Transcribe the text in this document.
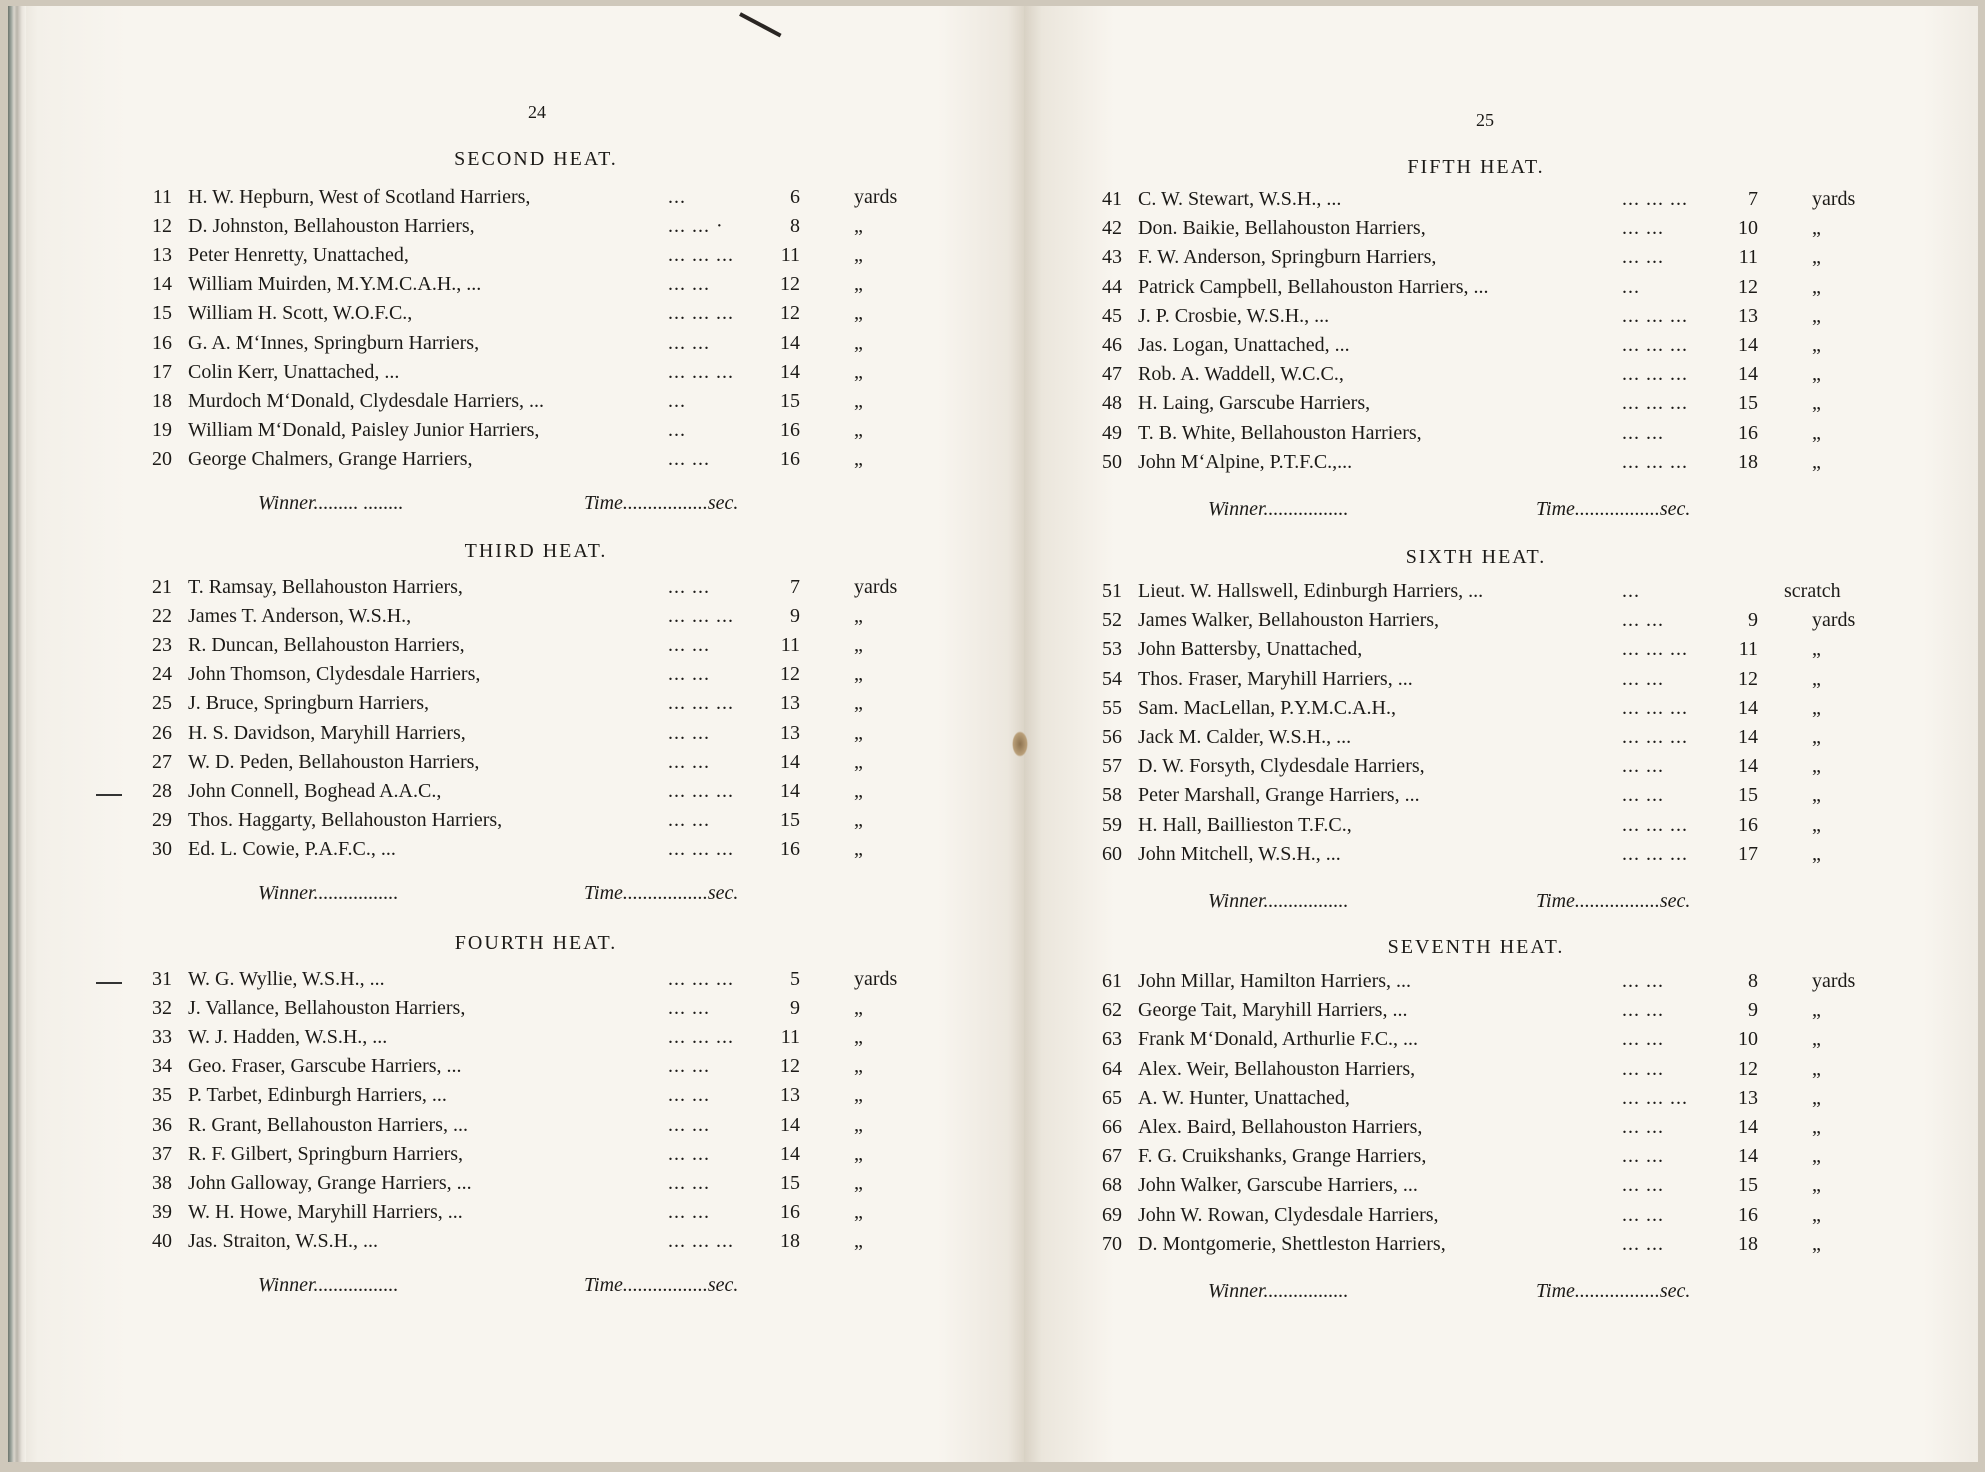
24
SECOND HEAT.
11 H. W. Hepburn, West of Scotland Harriers,	...	6	yards
12 D. Johnston, Bellahouston Harriers,	... ... ·	8	„
13 Peter Henretty, Unattached,	... ... ...	11	„
14 William Muirden, M.Y.M.C.A.H., ...	... ...	12	„
15 William H. Scott, W.O.F.C.,	... ... ...	12	„
16 G. A. M‘Innes, Springburn Harriers,	... ...	14	„
17 Colin Kerr, Unattached, ...	... ... ...	14	„
18 Murdoch M‘Donald, Clydesdale Harriers, ...	...	15	„
19 William M‘Donald, Paisley Junior Harriers,	...	16	„
20 George Chalmers, Grange Harriers,	... ...	16	„
Winner......... ........	Time.................sec.
THIRD HEAT.
21 T. Ramsay, Bellahouston Harriers,	... ...	7	yards
22 James T. Anderson, W.S.H.,	... ... ...	9	„
23 R. Duncan, Bellahouston Harriers,	... ...	11	„
24 John Thomson, Clydesdale Harriers,	... ...	12	„
25 J. Bruce, Springburn Harriers,	... ... ...	13	„
26 H. S. Davidson, Maryhill Harriers,	... ...	13	„
27 W. D. Peden, Bellahouston Harriers,	... ...	14	„
28 John Connell, Boghead A.A.C.,	... ... ...	14	„
29 Thos. Haggarty, Bellahouston Harriers,	... ...	15	„
30 Ed. L. Cowie, P.A.F.C., ...	... ... ...	16	„
Winner.................	Time.................sec.
FOURTH HEAT.
31 W. G. Wyllie, W.S.H., ...	... ... ...	5	yards
32 J. Vallance, Bellahouston Harriers,	... ...	9	„
33 W. J. Hadden, W.S.H., ...	... ... ...	11	„
34 Geo. Fraser, Garscube Harriers, ...	... ...	12	„
35 P. Tarbet, Edinburgh Harriers, ...	... ...	13	„
36 R. Grant, Bellahouston Harriers, ...	... ...	14	„
37 R. F. Gilbert, Springburn Harriers,	... ...	14	„
38 John Galloway, Grange Harriers, ...	... ...	15	„
39 W. H. Howe, Maryhill Harriers, ...	... ...	16	„
40 Jas. Straiton, W.S.H., ...	... ... ...	18	„
Winner.................	Time.................sec.
25
FIFTH HEAT.
41 C. W. Stewart, W.S.H., ...	... ... ...	7	yards
42 Don. Baikie, Bellahouston Harriers,	... ...	10	„
43 F. W. Anderson, Springburn Harriers,	... ...	11	„
44 Patrick Campbell, Bellahouston Harriers, ...	...	12	„
45 J. P. Crosbie, W.S.H., ...	... ... ...	13	„
46 Jas. Logan, Unattached, ...	... ... ...	14	„
47 Rob. A. Waddell, W.C.C.,	... ... ...	14	„
48 H. Laing, Garscube Harriers,	... ... ...	15	„
49 T. B. White, Bellahouston Harriers,	... ...	16	„
50 John M‘Alpine, P.T.F.C.,...	... ... ...	18	„
Winner.................	Time.................sec.
SIXTH HEAT.
51 Lieut. W. Hallswell, Edinburgh Harriers, ...	...	scratch
52 James Walker, Bellahouston Harriers,	... ...	9	yards
53 John Battersby, Unattached,	... ... ...	11	„
54 Thos. Fraser, Maryhill Harriers, ...	... ...	12	„
55 Sam. MacLellan, P.Y.M.C.A.H.,	... ... ...	14	„
56 Jack M. Calder, W.S.H., ...	... ... ...	14	„
57 D. W. Forsyth, Clydesdale Harriers,	... ...	14	„
58 Peter Marshall, Grange Harriers, ...	... ...	15	„
59 H. Hall, Baillieston T.F.C.,	... ... ...	16	„
60 John Mitchell, W.S.H., ...	... ... ...	17	„
Winner.................	Time.................sec.
SEVENTH HEAT.
61 John Millar, Hamilton Harriers, ...	... ...	8	yards
62 George Tait, Maryhill Harriers, ...	... ...	9	„
63 Frank M‘Donald, Arthurlie F.C., ...	... ...	10	„
64 Alex. Weir, Bellahouston Harriers,	... ...	12	„
65 A. W. Hunter, Unattached,	... ... ...	13	„
66 Alex. Baird, Bellahouston Harriers,	... ...	14	„
67 F. G. Cruikshanks, Grange Harriers,	... ...	14	„
68 John Walker, Garscube Harriers, ...	... ...	15	„
69 John W. Rowan, Clydesdale Harriers,	... ...	16	„
70 D. Montgomerie, Shettleston Harriers,	... ...	18	„
Winner.................	Time.................sec.
